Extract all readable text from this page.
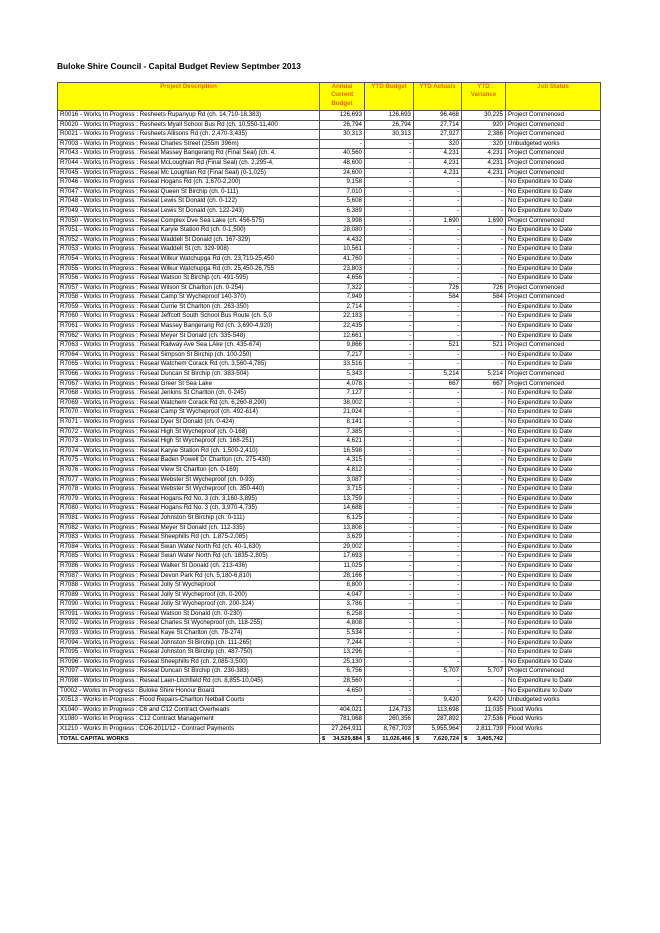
Buloke Shire Council - Capital Budget Review Septmber 2013
Project Description	Annual Current Budget	YTD Budget	YTD Actuals	YTD Variance	Job Status
R0016 - Works In Progress : Resheets Rupanyup Rd (ch. 14,710-18,383)	126,693	126,693	96,468	30,225	Project Commenced
R0020 - Works In Progress : Resheets Myall School Bus Rd (ch. 10,550-11,400	26,794	26,794	27,714	920	Project Commenced
R0021 - Works In Progress : Resheets Allisons Rd (ch. 2,470-3,435)	30,313	30,313	27,927	2,386	Project Commenced
R7003 - Works In Progress : Reseal Charles Street (255m 396m)	-	-	320	320	Unbudgeted works
R7043 - Works In Progress : Reseal Massey Bangerang Rd (Final Seal) (ch. 4,	40,560	-	4,231	4,231	Project Commenced
R7044 - Works In Progress : Reseal McLoughlan Rd (Final Seal) (ch. 2,295-4,	48,600	-	4,231	4,231	Project Commenced
R7045 - Works In Progress : Reseal Mc Loughlan Rd (Final Seal) (0-1,025)	24,600	-	4,231	4,231	Project Commenced
R7046 - Works In Progress : Reseal Hogans Rd (ch. 1,670-2,200)	9,158	-	-	-	No Expenditure to Date
R7047 - Works In Progress : Reseal Queen St Birchip (ch. 0-111)	7,010	-	-	-	No Expenditure to Date
R7048 - Works In Progress : Reseal Lewis St Donald (ch. 0-122)	5,608	-	-	-	No Expenditure to Date
R7049 - Works In Progress : Reseal Lewis St Donald (ch. 122-243)	6,389	-	-	-	No Expenditure to Date
R7050 - Works In Progress : Reseal Complex Dve Sea Lake (ch. 456-575)	3,998	-	1,690	1,690	Project Commenced
R7051 - Works In Progress : Reseal Karyie Station Rd (ch. 0-1,500)	28,080	-	-	-	No Expenditure to Date
R7052 - Works In Progress : Reseal Waddell St Donald (ch. 167-329)	4,432	-	-	-	No Expenditure to Date
R7053 - Works In Progress : Reseal Waddell St (ch. 329-908)	10,561	-	-	-	No Expenditure to Date
R7054 - Works In Progress : Reseal Wilkur Watchupga Rd (ch. 23,710-25,450	41,760	-	-	-	No Expenditure to Date
R7055 - Works In Progress : Reseal Wilkur Watchupga Rd (ch. 25,450-26,755	23,803	-	-	-	No Expenditure to Date
R7056 - Works In Progress : Reseal Watson St Birchip (ch. 491-595)	4,656	-	-	-	No Expenditure to Date
R7057 - Works In Progress : Reseal Wilson St Charlton (ch. 0-254)	7,322	-	726	726	Project Commenced
R7058 - Works In Progress : Reseal Camp St Wycheproof 140-370)	7,949	-	584	584	Project Commenced
R7059 - Works In Progress : Reseal Currie St Charlton (ch. 263-350)	2,714	-	-	-	No Expenditure to Date
R7060 - Works In Progress : Reseal Jeffcott South School Bus Route (ch. 5,0	22,183	-	-	-	No Expenditure to Date
R7061 - Works In Progress : Reseal Massey Bangerang Rd (ch. 3,690-4,920)	22,435	-	-	-	No Expenditure to Date
R7062 - Works In Progress : Reseal Meyer St Donald (ch. 335-548)	12,661	-	-	-	No Expenditure to Date
R7063 - Works In Progress : Reseal Railway Ave Sea LAke (ch. 435-674)	9,866	-	521	521	Project Commenced
R7064 - Works In Progress : Reseal Simpson St Birchip (ch. 100-250)	7,217	-	-	-	No Expenditure to Date
R7065 - Works In Progress : Reseal Watchem Corack Rd (ch. 3,560-4,785)	33,516	-	-	-	No Expenditure to Date
R7066 - Works In Progress : Reseal Duncan St Birchip (ch. 383-504)	5,343	-	5,214	5,214	Project Commenced
R7067 - Works In Progress : Reseal Greer St Sea Lake	4,078	-	667	667	Project Commenced
R7068 - Works In Progress : Reseal Jenkins St Charlton (ch. 0-245)	7,127	-	-	-	No Expenditure to Date
R7069 - Works In Progress : Reseal Watchem Corack Rd (ch. 6,260-8,290)	38,002	-	-	-	No Expenditure to Date
R7070 - Works In Progress : Reseal Camp St Wycheproof (ch. 492-614)	21,024	-	-	-	No Expenditure to Date
R7071 - Works In Progress : Reseal Dyer St Donald (ch. 0-424)	8,141	-	-	-	No Expenditure to Date
R7072 - Works In Progress : Reseal High St Wycheproof (ch. 0-168)	7,385	-	-	-	No Expenditure to Date
R7073 - Works In Progress : Reseal High St Wycheproof (ch. 168-251)	4,621	-	-	-	No Expenditure to Date
R7074 - Works In Progress : Reseal Karyie Station Rd (ch. 1,500-2,410)	16,598	-	-	-	No Expenditure to Date
R7075 - Works In Progress : Reseal Baden Powell Dr Charlton (ch. 275-430)	4,315	-	-	-	No Expenditure to Date
R7076 - Works In Progress : Reseal View St Charlton (ch. 0-169)	4,812	-	-	-	No Expenditure to Date
R7077 - Works In Progress : Reseal Webster St Wycheproof (ch. 0-93)	3,087	-	-	-	No Expenditure to Date
R7078 - Works In Progress : Reseal Webster St Wycheproof (ch. 350-440)	3,715	-	-	-	No Expenditure to Date
R7079 - Works In Progress : Reseal Hogans Rd No. 3 (ch. 3,160-3,895)	13,759	-	-	-	No Expenditure to Date
R7080 - Works In Progress : Reseal Hogans Rd No. 3 (ch. 3,970-4,735)	14,688	-	-	-	No Expenditure to Date
R7081 - Works In Progress : Reseal Johnston St Birchip (ch. 0-111)	6,125	-	-	-	No Expenditure to Date
R7082 - Works In Progress : Reseal Meyer St Donald (ch. 112-335)	13,808	-	-	-	No Expenditure to Date
R7083 - Works In Progress : Reseal Sheephills Rd (ch. 1,875-2,085)	3,629	-	-	-	No Expenditure to Date
R7084 - Works In Progress : Reseal Swan Water North Rd (ch. 40-1,630)	29,002	-	-	-	No Expenditure to Date
R7085 - Works In Progress : Reseal Swan Water North Rd (ch. 1835-2,805)	17,693	-	-	-	No Expenditure to Date
R7086 - Works In Progress : Reseal Walker St Donald (ch. 213-436)	11,025	-	-	-	No Expenditure to Date
R7087 - Works In Progress : Reseal Devon Park Rd (ch. 5,180-6,810)	28,166	-	-	-	No Expenditure to Date
R7088 - Works In Progress : Reseal Jolly St Wycheproof	8,800	-	-	-	No Expenditure to Date
R7089 - Works In Progress : Reseal Jolly St Wycheproof (ch. 0-200)	4,047	-	-	-	No Expenditure to Date
R7090 - Works In Progress : Reseal Jolly St Wycheproof (ch. 200-324)	3,786	-	-	-	No Expenditure to Date
R7091 - Works In Progress : Reseal Watson St Donald (ch. 0-230)	6,258	-	-	-	No Expenditure to Date
R7092 - Works In Progress : Reseal Charles St Wycheproof (ch. 118-255)	4,808	-	-	-	No Expenditure to Date
R7093 - Works In Progress : Reseal Kaye St Charlton (ch. 78-274)	5,534	-	-	-	No Expenditure to Date
R7094 - Works In Progress : Reseal Johnston St Birchip (ch. 111-265)	7,244	-	-	-	No Expenditure to Date
R7095 - Works In Progress : Reseal Johnston St Birchip (ch. 487-750)	13,296	-	-	-	No Expenditure to Date
R7096 - Works In Progress : Reseal Sheephills Rd (ch. 2,085-3,500)	25,130	-	-	-	No Expenditure to Date
R7097 - Works In Progress : Reseal Duncan St Birchip (ch. 230-383)	6,756	-	5,707	5,707	Project Commenced
R7098 - Works In Progress : Reseal Laen-Litchfield Rd (ch. 8,855-10,045)	28,560	-	-	-	No Expenditure to Date
T0002 - Works In Progress : Buloke Shire Honour Board	4,650	-	-	-	No Expenditure to Date
X0513 - Works In Progress : Flood Repairs-Charlton Netball Courts	-	-	9,420	9,420	Unbudgeted works
X1040 - Works In Progress : C6 and C12 Contract Overheads	404,021	124,733	113,698	11,035	Flood Works
X1080 - Works In Progress : C12 Contract Management	781,068	260,356	287,892	27,536	Flood Works
X1210 - Works In Progress : CO6-2011/12 - Contract Payments	27,264,911	8,767,703	5,955,964	2,811,739	Flood Works
TOTAL CAPITAL WORKS	$ 34,529,884	$ 11,026,466	$ 7,620,724	$ 3,405,742	
